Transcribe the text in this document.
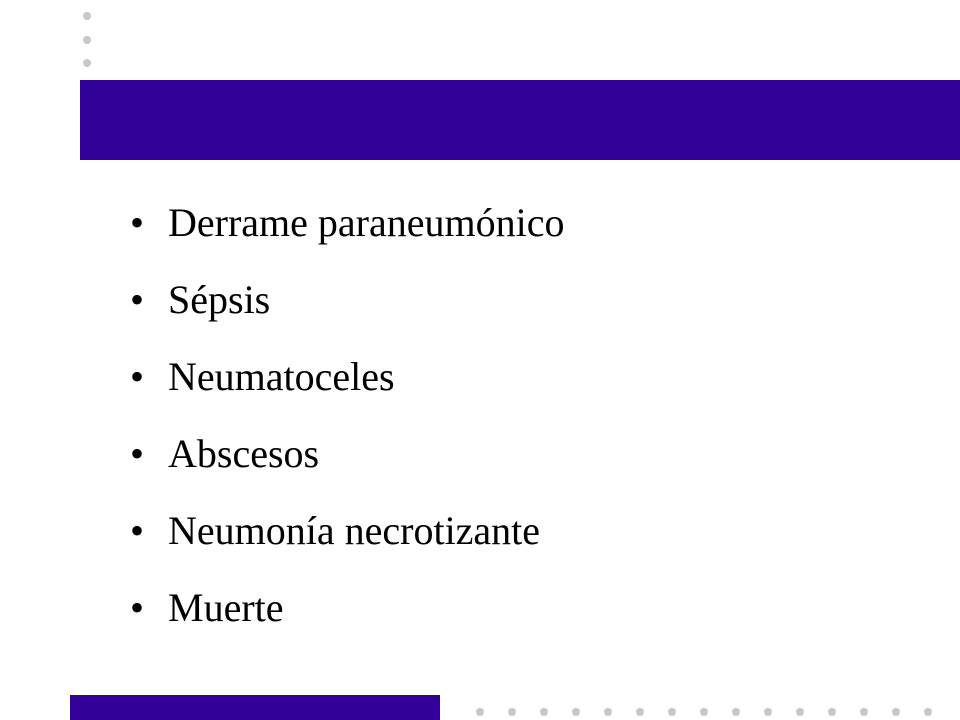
Complicaciones agudas
• Derrame paraneumónico
• Sépsis
• Neumatoceles
• Abscesos
• Neumonía necrotizante
• Muerte
